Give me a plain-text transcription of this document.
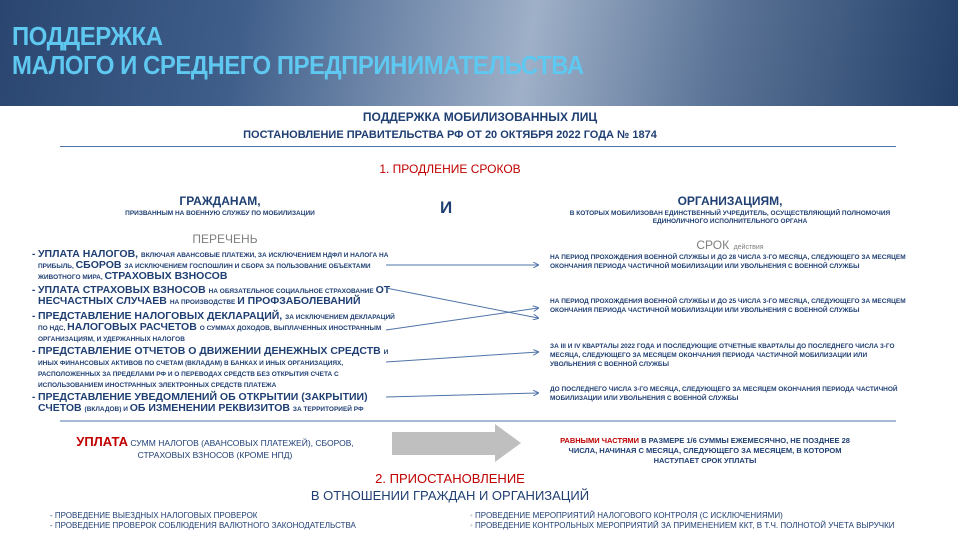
ПОДДЕРЖКА
МАЛОГО И СРЕДНЕГО ПРЕДПРИНИМАТЕЛЬСТВА
ПОДДЕРЖКА МОБИЛИЗОВАННЫХ ЛИЦ
ПОСТАНОВЛЕНИЕ ПРАВИТЕЛЬСТВА РФ ОТ 20 ОКТЯБРЯ 2022 ГОДА № 1874
1. ПРОДЛЕНИЕ СРОКОВ
ГРАЖДАНАМ,
ПРИЗВАННЫМ НА ВОЕННУЮ СЛУЖБУ ПО МОБИЛИЗАЦИИ
ПЕРЕЧЕНЬ
И	ОРГАНИЗАЦИЯМ,
В КОТОРЫХ МОБИЛИЗОВАН ЕДИНСТВЕННЫЙ УЧРЕДИТЕЛЬ, ОСУЩЕСТВЛЯЮЩИЙ ПОЛНОМОЧИЯ ЕДИНОЛИЧНОГО ИСПОЛНИТЕЛЬНОГО ОРГАНА
СРОК действия
- УПЛАТА НАЛОГОВ, ВКЛЮЧАЯ АВАНСОВЫЕ ПЛАТЕЖИ, ЗА ИСКЛЮЧЕНИЕМ НДФЛ И НАЛОГА НА ПРИБЫЛЬ, СБОРОВ ЗА ИСКЛЮЧЕНИЕМ ГОСПОШЛИН И СБОРА ЗА ПОЛЬЗОВАНИЕ ОБЪЕКТАМИ ЖИВОТНОГО МИРА, СТРАХОВЫХ ВЗНОСОВ
- УПЛАТА СТРАХОВЫХ ВЗНОСОВ НА ОБЯЗАТЕЛЬНОЕ СОЦИАЛЬНОЕ СТРАХОВАНИЕ ОТ НЕСЧАСТНЫХ СЛУЧАЕВ НА ПРОИЗВОДСТВЕ И ПРОФЗАБОЛЕВАНИЙ
- ПРЕДСТАВЛЕНИЕ НАЛОГОВЫХ ДЕКЛАРАЦИЙ, ЗА ИСКЛЮЧЕНИЕМ ДЕКЛАРАЦИЙ ПО НДС, НАЛОГОВЫХ РАСЧЕТОВ О СУММАХ ДОХОДОВ, ВЫПЛАЧЕННЫХ ИНОСТРАННЫМ ОРГАНИЗАЦИЯМ, И УДЕРЖАННЫХ НАЛОГОВ
- ПРЕДСТАВЛЕНИЕ ОТЧЕТОВ О ДВИЖЕНИИ ДЕНЕЖНЫХ СРЕДСТВ И ИНЫХ ФИНАНСОВЫХ АКТИВОВ ПО СЧЕТАМ (ВКЛАДАМ) В БАНКАХ И ИНЫХ ОРГАНИЗАЦИЯХ, РАСПОЛОЖЕННЫХ ЗА ПРЕДЕЛАМИ РФ И О ПЕРЕВОДАХ СРЕДСТВ БЕЗ ОТКРЫТИЯ СЧЕТА С ИСПОЛЬЗОВАНИЕМ ИНОСТРАННЫХ ЭЛЕКТРОННЫХ СРЕДСТВ ПЛАТЕЖА
- ПРЕДСТАВЛЕНИЕ УВЕДОМЛЕНИЙ ОБ ОТКРЫТИИ (ЗАКРЫТИИ) СЧЕТОВ (ВКЛАДОВ) И ОБ ИЗМЕНЕНИИ РЕКВИЗИТОВ ЗА ТЕРРИТОРИЕЙ РФ
НА ПЕРИОД ПРОХОЖДЕНИЯ ВОЕННОЙ СЛУЖБЫ И ДО 28 ЧИСЛА 3-ГО МЕСЯЦА, СЛЕДУЮЩЕГО ЗА МЕСЯЦЕМ ОКОНЧАНИЯ ПЕРИОДА ЧАСТИЧНОЙ МОБИЛИЗАЦИИ ИЛИ УВОЛЬНЕНИЯ С ВОЕННОЙ СЛУЖБЫ
НА ПЕРИОД ПРОХОЖДЕНИЯ ВОЕННОЙ СЛУЖБЫ И ДО 25 ЧИСЛА 3-ГО МЕСЯЦА, СЛЕДУЮЩЕГО ЗА МЕСЯЦЕМ ОКОНЧАНИЯ ПЕРИОДА ЧАСТИЧНОЙ МОБИЛИЗАЦИИ ИЛИ УВОЛЬНЕНИЯ С ВОЕННОЙ СЛУЖБЫ
ЗА III И IV КВАРТАЛЫ 2022 ГОДА И ПОСЛЕДУЮЩИЕ ОТЧЕТНЫЕ КВАРТАЛЫ ДО ПОСЛЕДНЕГО ЧИСЛА 3-ГО МЕСЯЦА, СЛЕДУЮЩЕГО ЗА МЕСЯЦЕМ ОКОНЧАНИЯ ПЕРИОДА ЧАСТИЧНОЙ МОБИЛИЗАЦИИ ИЛИ УВОЛЬНЕНИЯ С ВОЕННОЙ СЛУЖБЫ
ДО ПОСЛЕДНЕГО ЧИСЛА 3-ГО МЕСЯЦА, СЛЕДУЮЩЕГО ЗА МЕСЯЦЕМ ОКОНЧАНИЯ ПЕРИОДА ЧАСТИЧНОЙ МОБИЛИЗАЦИИ ИЛИ УВОЛЬНЕНИЯ С ВОЕННОЙ СЛУЖБЫ
УПЛАТА СУММ НАЛОГОВ (АВАНСОВЫХ ПЛАТЕЖЕЙ), СБОРОВ, СТРАХОВЫХ ВЗНОСОВ (КРОМЕ НПД)
РАВНЫМИ ЧАСТЯМИ В РАЗМЕРЕ 1/6 СУММЫ ЕЖЕМЕСЯЧНО, НЕ ПОЗДНЕЕ 28 ЧИСЛА, НАЧИНАЯ С МЕСЯЦА, СЛЕДУЮЩЕГО ЗА МЕСЯЦЕМ, В КОТОРОМ НАСТУПАЕТ СРОК УПЛАТЫ
2. ПРИОСТАНОВЛЕНИЕ
В ОТНОШЕНИИ ГРАЖДАН И ОРГАНИЗАЦИЙ
- ПРОВЕДЕНИЕ ВЫЕЗДНЫХ НАЛОГОВЫХ ПРОВЕРОК
- ПРОВЕДЕНИЕ ПРОВЕРОК СОБЛЮДЕНИЯ ВАЛЮТНОГО ЗАКОНОДАТЕЛЬСТВА
• ПРОВЕДЕНИЕ МЕРОПРИЯТИЙ НАЛОГОВОГО КОНТРОЛЯ (С ИСКЛЮЧЕНИЯМИ)
• ПРОВЕДЕНИЕ КОНТРОЛЬНЫХ МЕРОПРИЯТИЙ ЗА ПРИМЕНЕНИЕМ ККТ, В Т.Ч. ПОЛНОТОЙ УЧЕТА ВЫРУЧКИ
